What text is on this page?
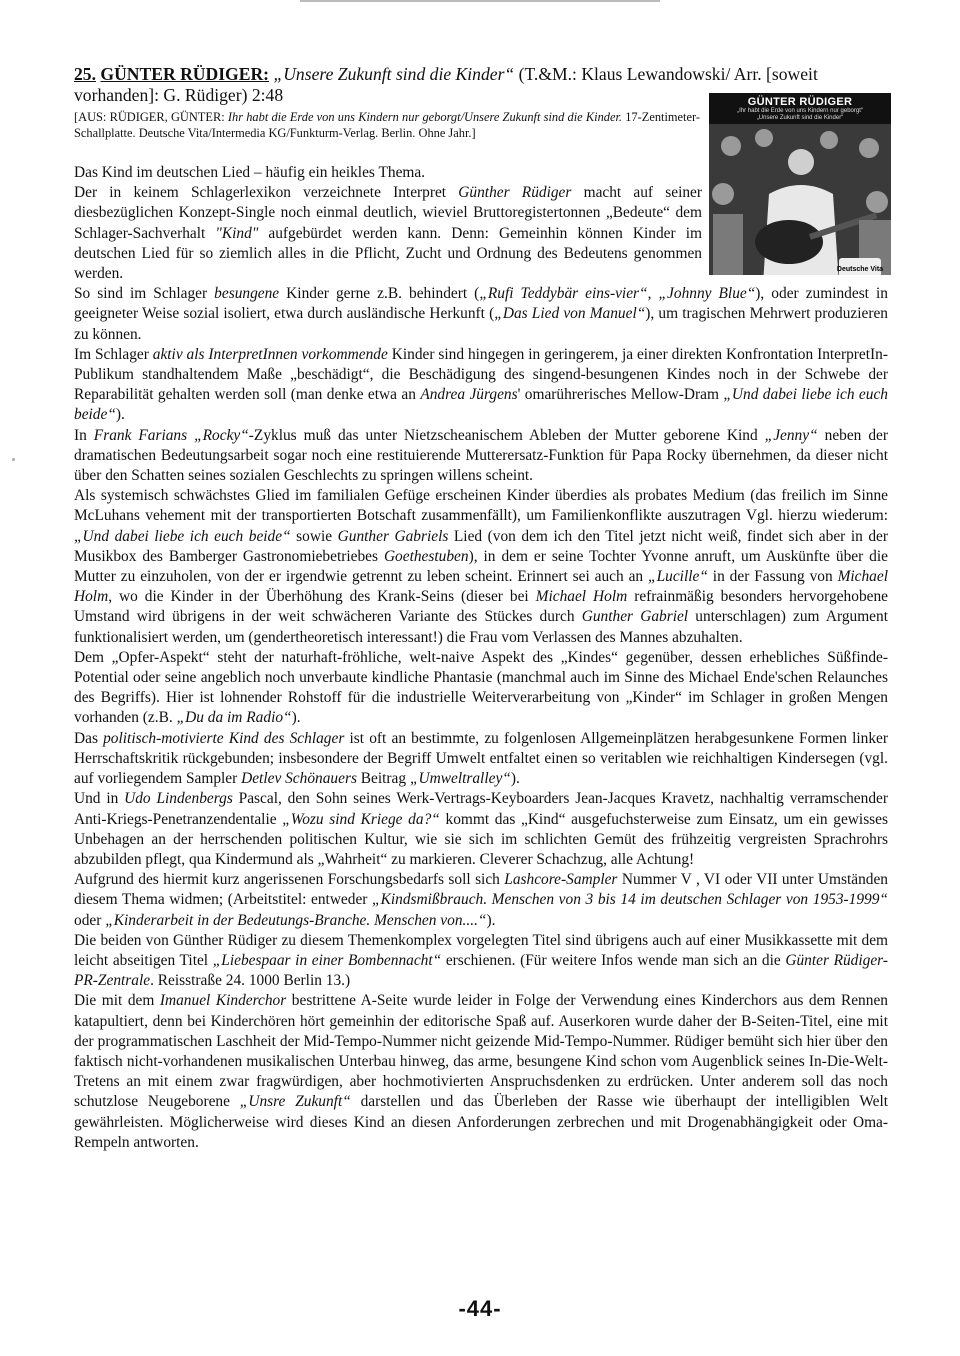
25. GÜNTER RÜDIGER: „Unsere Zukunft sind die Kinder“ (T.&M.: Klaus Lewandowski/ Arr. [soweit vorhanden]: G. Rüdiger) 2:48

[AUS: RÜDIGER, GÜNTER: Ihr habt die Erde von uns Kindern nur geborgt/Unsere Zukunft sind die Kinder. 17-Zentimeter-Schallplatte. Deutsche Vita/Intermedia KG/Funkturm-Verlag. Berlin. Ohne Jahr.]

Das Kind im deutschen Lied – häufig ein heikles Thema.

Der in keinem Schlagerlexikon verzeichnete Interpret Günther Rüdiger macht auf seiner diesbezüglichen Konzept-Single noch einmal deutlich, wieviel Bruttoregistertonnen „Bedeute“ dem Schlager-Sachverhalt "Kind" aufgebürdet werden kann. Denn: Gemeinhin können Kinder im deutschen Lied für so ziemlich alles in die Pflicht, Zucht und Ordnung des Bedeutens genommen werden.

So sind im Schlager besungene Kinder gerne z.B. behindert („Rufi Teddybär eins-vier“, „Johnny Blue“), oder zumindest in geeigneter Weise sozial isoliert, etwa durch ausländische Herkunft („Das Lied von Manuel“), um tragischen Mehrwert produzieren zu können.

Im Schlager aktiv als InterpretInnen vorkommende Kinder sind hingegen in geringerem, ja einer direkten Konfrontation InterpretIn-Publikum standhaltendem Maße „beschädigt“, die Beschädigung des singend-besungenen Kindes noch in der Schwebe der Reparabilität gehalten werden soll (man denke etwa an Andrea Jürgens' omarührerisches Mellow-Dram „Und dabei liebe ich euch beide“).

In Frank Farians „Rocky“-Zyklus muß das unter Nietzscheanischem Ableben der Mutter geborene Kind „Jenny“ neben der dramatischen Bedeutungsarbeit sogar noch eine restituierende Mutterersatz-Funktion für Papa Rocky übernehmen, da dieser nicht über den Schatten seines sozialen Geschlechts zu springen willens scheint.

Als systemisch schwächstes Glied im familialen Gefüge erscheinen Kinder überdies als probates Medium (das freilich im Sinne McLuhans vehement mit der transportierten Botschaft zusammenfällt), um Familienkonflikte auszutragen Vgl. hierzu wiederum:„Und dabei liebe ich euch beide“ sowie Gunther Gabriels Lied (von dem ich den Titel jetzt nicht weiß, findet sich aber in der Musikbox des Bamberger Gastronomiebetriebes Goethestuben), in dem er seine Tochter Yvonne anruft, um Auskünfte über die Mutter zu einzuholen, von der er irgendwie getrennt zu leben scheint. Erinnert sei auch an „Lucille“ in der Fassung von Michael Holm, wo die Kinder in der Überhöhung des Krank-Seins (dieser bei Michael Holm refrainmäßig besonders hervorgehobene Umstand wird übrigens in der weit schwächeren Variante des Stückes durch Gunther Gabriel unterschlagen) zum Argument funktionalisiert werden, um (gendertheoretisch interessant!) die Frau vom Verlassen des Mannes abzuhalten.

Dem „Opfer-Aspekt“ steht der naturhaft-fröhliche, welt-naive Aspekt des „Kindes“ gegenüber, dessen erhebliches Süßfinde-Potential oder seine angeblich noch unverbaute kindliche Phantasie (manchmal auch im Sinne des Michael Ende'schen Relaunches des Begriffs). Hier ist lohnender Rohstoff für die industrielle Weiterverarbeitung von „Kinder“ im Schlager in großen Mengen vorhanden (z.B. „Du da im Radio“).

Das politisch-motivierte Kind des Schlager ist oft an bestimmte, zu folgenlosen Allgemeinplätzen herabgesunkene Formen linker Herrschaftskritik rückgebunden; insbesondere der Begriff Umwelt entfaltet einen so veritablen wie reichhaltigen Kindersegen (vgl. auf vorliegendem Sampler Detlev Schönauers Beitrag „Umweltralley“).

Und in Udo Lindenbergs Pascal, den Sohn seines Werk-Vertrags-Keyboarders Jean-Jacques Kravetz, nachhaltig verramschender Anti-Kriegs-Penetranzendentalie „Wozu sind Kriege da?“ kommt das „Kind“ ausgefuchsterweise zum Einsatz, um ein gewisses Unbehagen an der herrschenden politischen Kultur, wie sie sich im schlichten Gemüt des frühzeitig vergreisten Sprachrohrs abzubilden pflegt, qua Kindermund als „Wahrheit“ zu markieren. Cleverer Schachzug, alle Achtung!

Aufgrund des hiermit kurz angerissenen Forschungsbedarfs soll sich Lashcore-Sampler Nummer V , VI oder VII unter Umständen diesem Thema widmen; (Arbeitstitel: entweder „Kindsmißbrauch. Menschen von 3 bis 14 im deutschen Schlager von 1953-1999“ oder „Kinderarbeit in der Bedeutungs-Branche. Menschen von....“).

Die beiden von Günther Rüdiger zu diesem Themenkomplex vorgelegten Titel sind übrigens auch auf einer Musikkassette mit dem leicht abseitigen Titel „Liebespaar in einer Bombennacht“ erschienen. (Für weitere Infos wende man sich an die Günter Rüdiger-PR-Zentrale. Reisstraße 24. 1000 Berlin 13.)

Die mit dem Imanuel Kinderchor bestrittene A-Seite wurde leider in Folge der Verwendung eines Kinderchors aus dem Rennen katapultiert, denn bei Kinderchören hört gemeinhin der editorische Spaß auf. Auserkoren wurde daher der B-Seiten-Titel, eine mit der programmatischen Laschheit der Mid-Tempo-Nummer nicht geizende Mid-Tempo-Nummer. Rüdiger bemüht sich hier über den faktisch nicht-vorhandenen musikalischen Unterbau hinweg, das arme, besungene Kind schon vom Augenblick seines In-Die-Welt-Tretens an mit einem zwar fragwürdigen, aber hochmotivierten Anspruchsdenken zu erdrücken. Unter anderem soll das noch schutzlose Neugeborene „Unsre Zukunft“ darstellen und das Überleben der Rasse wie überhaupt der intelligiblen Welt gewährleisten. Möglicherweise wird dieses Kind an diesen Anforderungen zerbrechen und mit Drogenabhängigkeit oder Oma-Rempeln antworten.

GÜNTER RÜDIGER
„Ihr habt die Erde von uns Kindern nur geborgt“
„Unsere Zukunft sind die Kinder“
Deutsche Vita
-44-
